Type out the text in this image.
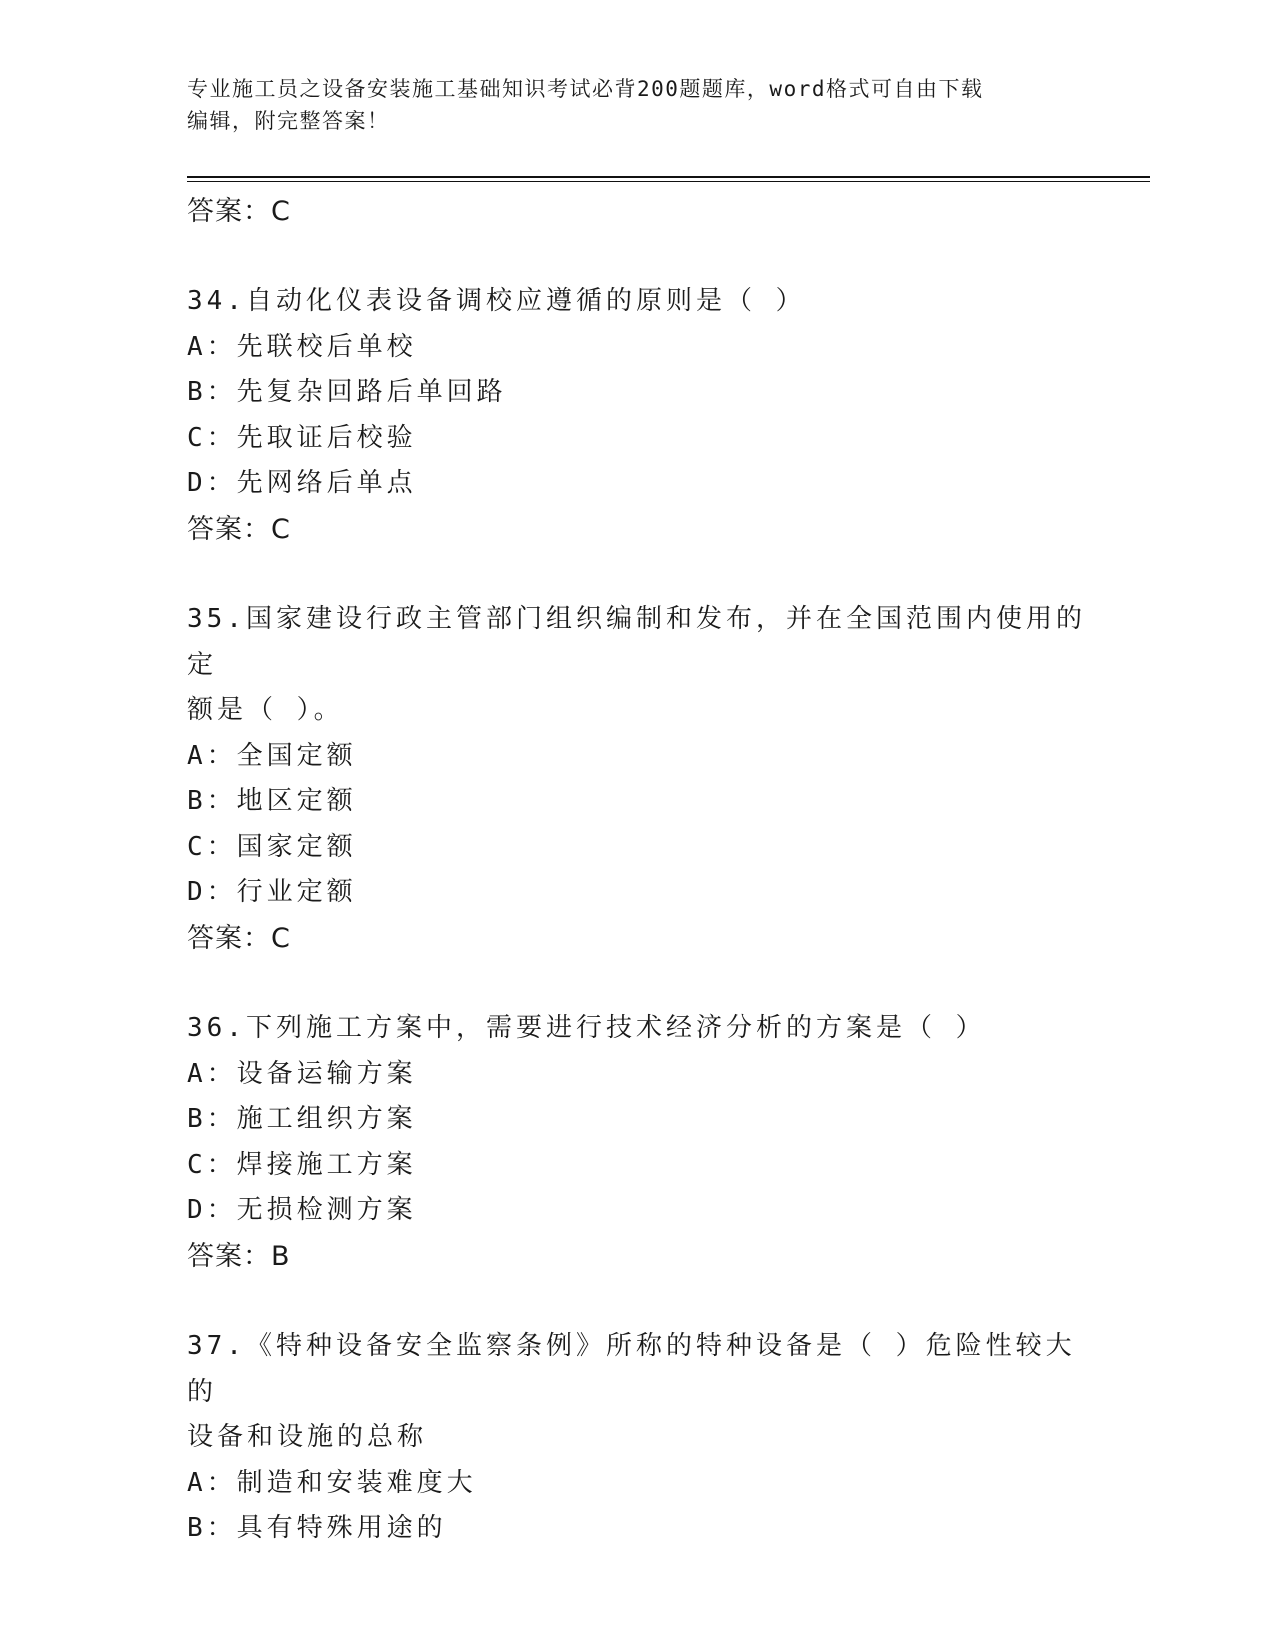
专业施工员之设备安装施工基础知识考试必背200题题库，word格式可自由下载
编辑，附完整答案！
答案：C
34.自动化仪表设备调校应遵循的原则是（ ）
A：先联校后单校
B：先复杂回路后单回路
C：先取证后校验
D：先网络后单点
答案：C
35.国家建设行政主管部门组织编制和发布，并在全国范围内使用的定
额是（ ）。
A：全国定额
B：地区定额
C：国家定额
D：行业定额
答案：C
36.下列施工方案中，需要进行技术经济分析的方案是（ ）
A：设备运输方案
B：施工组织方案
C：焊接施工方案
D：无损检测方案
答案：B
37.《特种设备安全监察条例》所称的特种设备是（ ）危险性较大的
设备和设施的总称
A：制造和安装难度大
B：具有特殊用途的
